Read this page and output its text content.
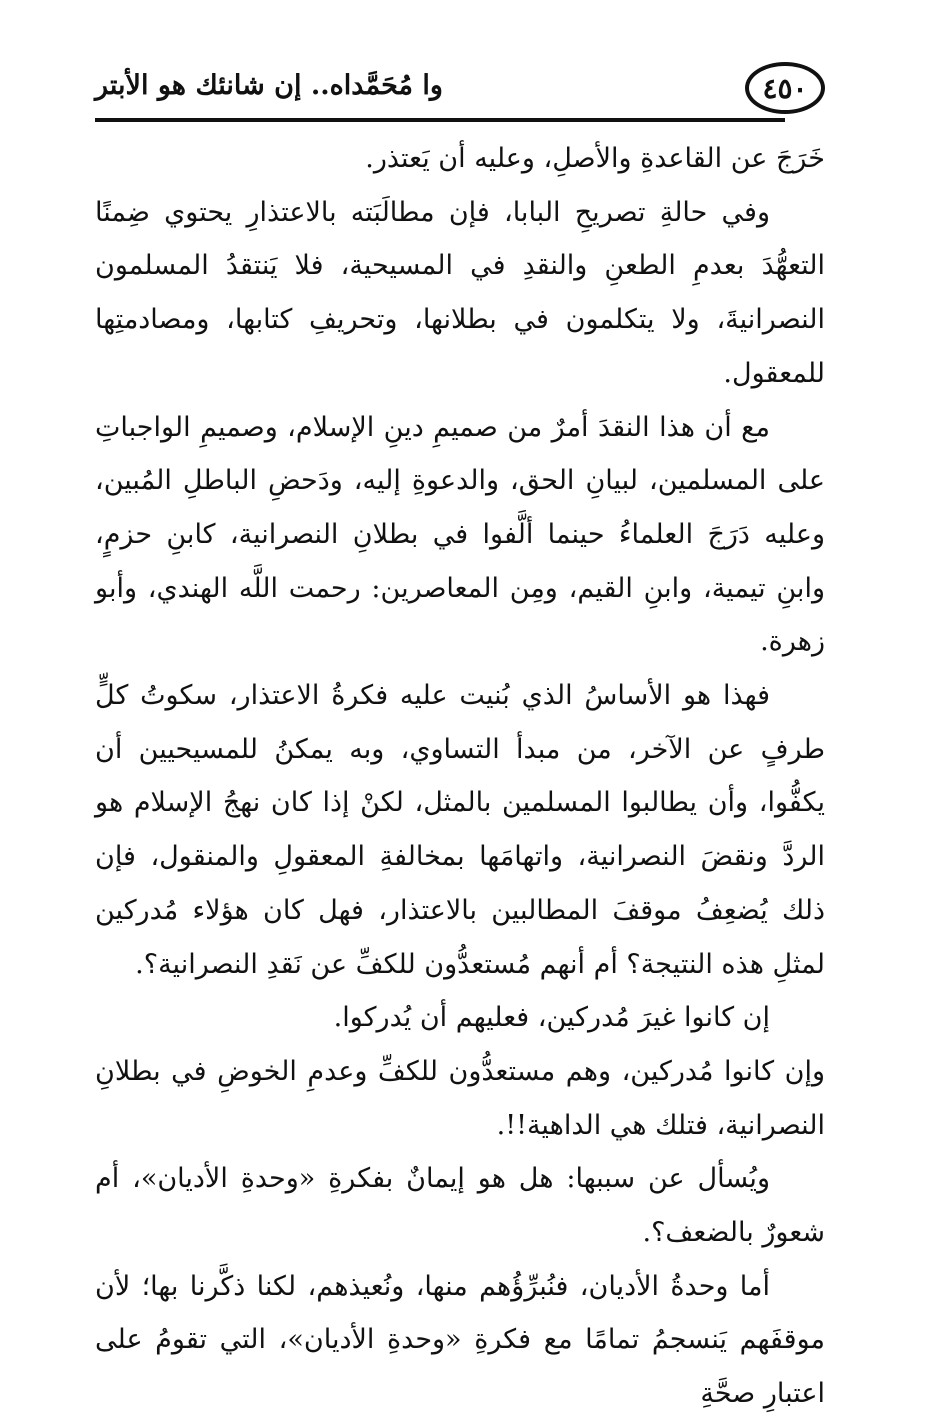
٤٥٠
وا مُحَمَّداه.. إن شانئك هو الأبتر

خَرَجَ عن القاعدةِ والأصلِ، وعليه أن يَعتذر.

وفي حالةِ تصريحِ البابا، فإن مطالَبَته بالاعتذارِ يحتوي ضِمنًا التعهُّدَ بعدمِ الطعنِ والنقدِ في المسيحية، فلا يَنتقدُ المسلمون النصرانيةَ، ولا يتكلمون في بطلانها، وتحريفِ كتابها، ومصادمتِها للمعقول.

مع أن هذا النقدَ أمرٌ من صميمِ دينِ الإسلام، وصميمِ الواجباتِ على المسلمين، لبيانِ الحق، والدعوةِ إليه، ودَحضِ الباطلِ المُبين، وعليه دَرَجَ العلماءُ حينما ألَّفوا في بطلانِ النصرانية، كابنِ حزمٍ، وابنِ تيمية، وابنِ القيم، ومِن المعاصرين: رحمت اللَّه الهندي، وأبو زهرة.

فهذا هو الأساسُ الذي بُنيت عليه فكرةُ الاعتذار، سكوتُ كلٍّ طرفٍ عن الآخر، من مبدأ التساوي، وبه يمكنُ للمسيحيين أن يكفُّوا، وأن يطالبوا المسلمين بالمثل، لكنْ إذا كان نهجُ الإسلام هو الردَّ ونقضَ النصرانية، واتهامَها بمخالفةِ المعقولِ والمنقول، فإن ذلك يُضعِفُ موقفَ المطالبين بالاعتذار، فهل كان هؤلاء مُدركين لمثلِ هذه النتيجة؟ أم أنهم مُستعدُّون للكفِّ عن نَقدِ النصرانية؟.

إن كانوا غيرَ مُدركين، فعليهم أن يُدركوا.

وإن كانوا مُدركين، وهم مستعدُّون للكفِّ وعدمِ الخوضِ في بطلانِ النصرانية، فتلك هي الداهية!!.

ويُسأل عن سببها: هل هو إيمانٌ بفكرةِ «وحدةِ الأديان»، أم شعورٌ بالضعف؟.

أما وحدةُ الأديان، فنُبرِّؤُهم منها، ونُعيذهم، لكنا ذكَّرنا بها؛ لأن موقفَهم يَنسجمُ تمامًا مع فكرةِ «وحدةِ الأديان»، التي تقومُ على اعتبارِ صحَّةِ
